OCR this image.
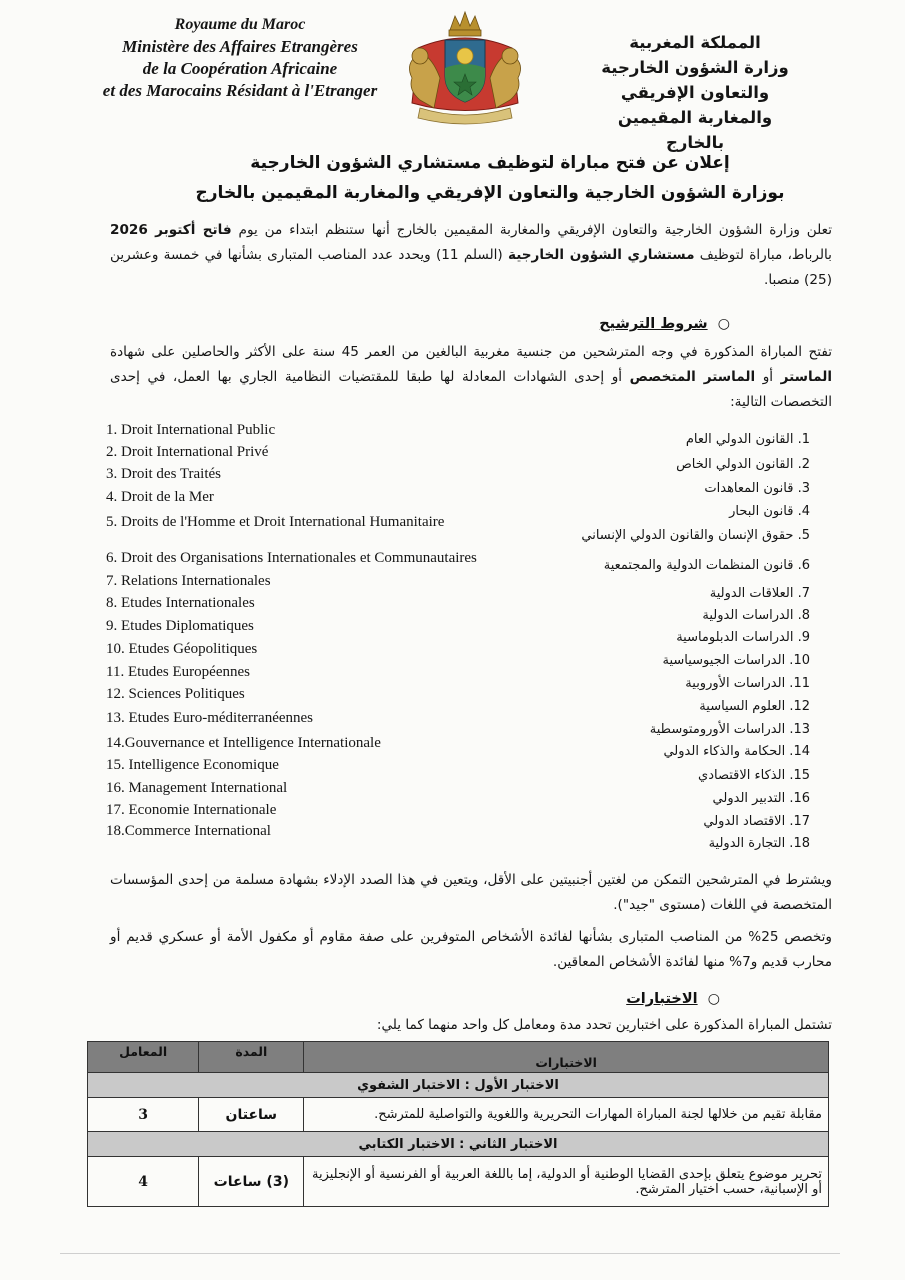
Royaume du Maroc
Ministère des Affaires Etrangères
de la Coopération Africaine
et des Marocains Résidant à l'Etranger
المملكة المغربية
وزارة الشؤون الخارجية
والتعاون الإفريقي
والمغاربة المقيمين بالخارج
إعلان عن فتح مباراة لتوظيف مستشاري الشؤون الخارجية
بوزارة الشؤون الخارجية والتعاون الإفريقي والمغاربة المقيمين بالخارج
تعلن وزارة الشؤون الخارجية والتعاون الإفريقي والمغاربة المقيمين بالخارج أنها ستنظم ابتداء من يوم فاتح أكتوبر 2026 بالرباط، مباراة لتوظيف مستشاري الشؤون الخارجية (السلم 11) ويحدد عدد المناصب المتبارى بشأنها في خمسة وعشرين (25) منصبا.
○  شروط الترشيح
تفتح المباراة المذكورة في وجه المترشحين من جنسية مغربية البالغين من العمر 45 سنة على الأكثر والحاصلين على شهادة الماستر أو الماستر المتخصص أو إحدى الشهادات المعادلة لها طبقا للمقتضيات النظامية الجاري بها العمل، في إحدى التخصصات التالية:
1. Droit International Public
2. Droit International Privé
3. Droit des Traités
4. Droit de la Mer
5. Droits de l'Homme et Droit International Humanitaire
6. Droit des Organisations Internationales et Communautaires
7. Relations Internationales
8. Etudes Internationales
9. Etudes Diplomatiques
10. Etudes Géopolitiques
11. Etudes Européennes
12. Sciences Politiques
13. Etudes Euro-méditerranéennes
14.Gouvernance et Intelligence Internationale
15. Intelligence Economique
16. Management International
17. Economie Internationale
18.Commerce International
1. القانون الدولي العام
2. القانون الدولي الخاص
3. قانون المعاهدات
4. قانون البحار
5. حقوق الإنسان والقانون الدولي الإنساني
6. قانون المنظمات الدولية والمجتمعية
7. العلاقات الدولية
8. الدراسات الدولية
9. الدراسات الدبلوماسية
10. الدراسات الجيوسياسية
11. الدراسات الأوروبية
12. العلوم السياسية
13. الدراسات الأورومتوسطية
14. الحكامة والذكاء الدولي
15. الذكاء الاقتصادي
16. التدبير الدولي
17. الاقتصاد الدولي
18. التجارة الدولية
ويشترط في المترشحين التمكن من لغتين أجنبيتين على الأقل، ويتعين في هذا الصدد الإدلاء بشهادة مسلمة من إحدى المؤسسات المتخصصة في اللغات (مستوى "جيد").
وتخصص 25% من المناصب المتبارى بشأنها لفائدة الأشخاص المتوفرين على صفة مقاوم أو مكفول الأمة أو عسكري قديم أو محارب قديم و7% منها لفائدة الأشخاص المعاقين.
○  الاختبارات
تشتمل المباراة المذكورة على اختبارين تحدد مدة ومعامل كل واحد منهما كما يلي:
الاختبارات	المدة	المعامل
الاختبار الأول : الاختبار الشفوي		
مقابلة تقيم من خلالها لجنة المباراة المهارات التحريرية واللغوية والتواصلية للمترشح.	ساعتان	3
الاختبار الثاني : الاختبار الكتابي		
تحرير موضوع يتعلق بإحدى القضايا الوطنية أو الدولية، إما باللغة العربية أو الفرنسية أو الإنجليزية أو الإسبانية، حسب اختيار المترشح.	(3) ساعات	4
